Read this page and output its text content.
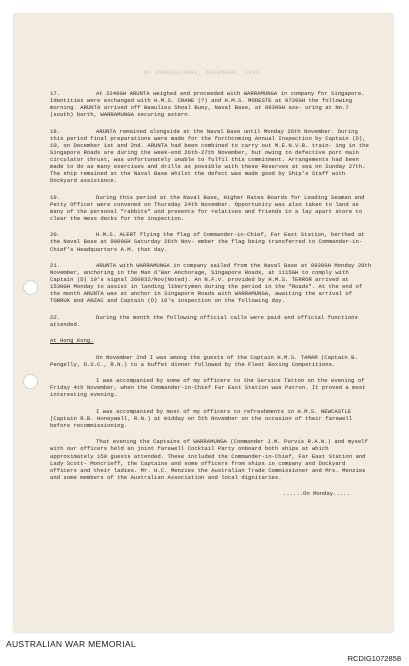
OF PROCEEDINGS, DECEMBER, 1953

17.	At 2240GH ARUNTA weighed and proceeded with WARRAMUNGA in company for Singapore. Identities were exchanged with H.M.S. CRANE (?) and H.M.S. MODESTE at 0720GH the following morning. ARUNTA arrived off Beaulieu Shoal Buoy, Naval Base, at 0930GH ass- uring at No.7 (south) berth, WARRAMUNGA securing astern.

18.	ARUNTA remained alongside at the Naval Base until Monday 26th November. During this period final preparations were made for the forthcoming Annual Inspection by Captain (D), 10, on December 1st and 2nd. ARUNTA had been combined to carry out M.E.N.V.B. train- ing in the Singapore Roads are during the week-end 26th-27th November, but owing to defective port main circulator thrust, was unfortunately unable to fulfil this commitment. Arrangements had been made to do as many exercises and drills as possible with these Reserves at sea on Sunday 27th. The ship remained at the Naval Base whilst the defect was made good by Ship's Staff with Dockyard assistance.

19.	During this period at the Naval Base, Higher Rates Boards for Leading Seaman and Petty Officer were convened on Thursday 24th November. Opportunity was also taken to land as many of the personal "rabbits" and presents for relatives and friends in a lay apart store to clear the mess decks for the inspection.

20.	H.M.S. ALERT flying the flag of Commander-in-Chief, Far East Station, berthed at the Naval Base at 0900GH Saturday 26th Nov- ember the flag being transferred to Commander-in-Chief's Headquarters A.M. that day.

21.	ARUNTA with WARRAMUNGA in company sailed from the Naval Base at 0930GH Monday 28th November, anchoring in the Man O'War Anchorage, Singapore Roads, at 1115GH to comply with Captain (D) 10's signal 260832/Nov(Noted). An N.F.V. provided by H.M.S. TERROR arrived at 1530GH Monday to assist in landing libertymen during the period in the "Roads". At the end of the month ARUNTA was at anchor in Singapore Roads with WARRAMUNGA, awaiting the arrival of TOBRUK and ANZAC and Captain (D) 10's inspection on the following day.

22.	During the month the following official calls were paid and official functions attended.

At Hong Kong.

On November 2nd I was among the guests of the Captain H.M.S. TAMAR (Captain B. Pengelly, D.S.C., R.N.) to a buffet dinner followed by the Fleet Boxing Competitions.

I was accompanied by some of my officers to the Service Tattoo on the evening of Friday 4th November, when the Commander-in-Chief Far East Station was Patron. It proved a most interesting evening.

I was accompanied by most of my officers to refreshments in H.M.S. NEWCASTLE (Captain R.B. Honeywell, R.N.) at midday on 5th November on the occasion of their farewell before recommissioning.

That evening the Captains of WARRAMUNGA (Commander J.M. Purvis R.A.N.) and myself with our officers held an joint farewell Cocktail Party onboard both ships at which approximately 150 guests attended. These included the Commander-in-Chief, Far East Station and Lady Scott- Moncrieff, the Captains and some officers from ships in company and Dockyard officers and their ladies. Mr. H.C. Menzies the Australian Trade Commissioner and Mrs. Menzies and some members of the Australian Association and local dignitaries.

......On Monday.....

AUSTRALIAN WAR MEMORIAL
RCDIG1072858
